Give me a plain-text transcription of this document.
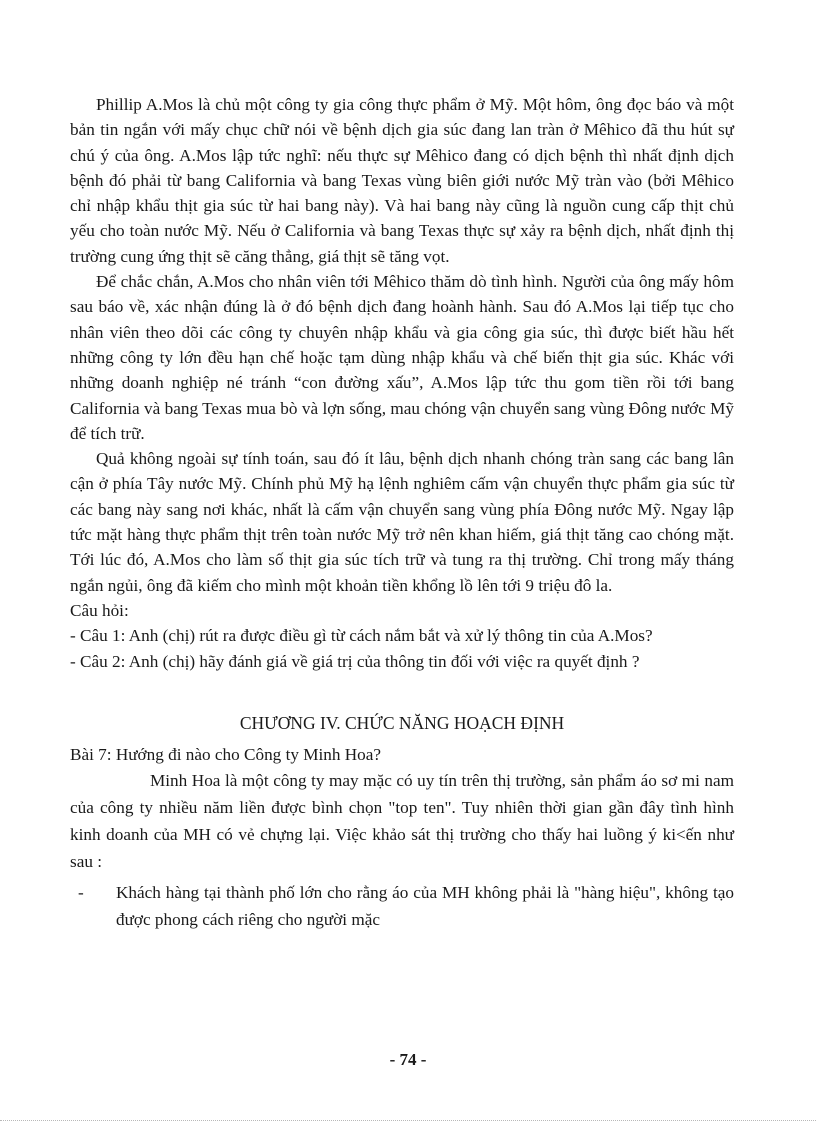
Phillip A.Mos là chủ một công ty gia công thực phẩm ở Mỹ. Một hôm, ông đọc báo và một bản tin ngắn với mấy chục chữ nói về bệnh dịch gia súc đang lan tràn ở Mêhico đã thu hút sự chú ý của ông. A.Mos lập tức nghĩ: nếu thực sự Mêhico đang có dịch bệnh thì nhất định dịch bệnh đó phải từ bang California và bang Texas vùng biên giới nước Mỹ tràn vào (bởi Mêhico chỉ nhập khẩu thịt gia súc từ hai bang này). Và hai bang này cũng là nguồn cung cấp thịt chủ yếu cho toàn nước Mỹ. Nếu ở California và bang Texas thực sự xảy ra bệnh dịch, nhất định thị trường cung ứng thịt sẽ căng thẳng, giá thịt sẽ tăng vọt.

Để chắc chắn, A.Mos cho nhân viên tới Mêhico thăm dò tình hình. Người của ông mấy hôm sau báo về, xác nhận đúng là ở đó bệnh dịch đang hoành hành. Sau đó A.Mos lại tiếp tục cho nhân viên theo dõi các công ty chuyên nhập khẩu và gia công gia súc, thì được biết hầu hết những công ty lớn đều hạn chế hoặc tạm dùng nhập khẩu và chế biến thịt gia súc. Khác với những doanh nghiệp né tránh “con đường xấu”, A.Mos lập tức thu gom tiền rồi tới bang California và bang Texas mua bò và lợn sống, mau chóng vận chuyển sang vùng Đông nước Mỹ để tích trữ.

Quả không ngoài sự tính toán, sau đó ít lâu, bệnh dịch nhanh chóng tràn sang các bang lân cận ở phía Tây nước Mỹ. Chính phủ Mỹ hạ lệnh nghiêm cấm vận chuyển thực phẩm gia súc từ các bang này sang nơi khác, nhất là cấm vận chuyển sang vùng phía Đông nước Mỹ. Ngay lập tức mặt hàng thực phẩm thịt trên toàn nước Mỹ trở nên khan hiếm, giá thịt tăng cao chóng mặt. Tới lúc đó, A.Mos cho làm số thịt gia súc tích trữ và tung ra thị trường. Chỉ trong mấy tháng ngắn ngủi, ông đã kiếm cho mình một khoản tiền khổng lồ lên tới 9 triệu đô la.

Câu hỏi:

- Câu 1: Anh (chị) rút ra được điều gì từ cách nắm bắt và xử lý thông tin của A.Mos?

- Câu 2: Anh (chị) hãy đánh giá về giá trị của thông tin đối với việc ra quyết định ?

CHƯƠNG IV. CHỨC NĂNG HOẠCH ĐỊNH

Bài 7: Hướng đi nào cho Công ty Minh Hoa?

Minh Hoa là một công ty may mặc có uy tín trên thị trường, sản phẩm áo sơ mi nam của công ty nhiều năm liền được bình chọn "top ten". Tuy nhiên thời gian gần đây tình hình kinh doanh của MH có vẻ chựng lại. Việc khảo sát thị trường cho thấy hai luồng ý ki<ến như sau :

-	Khách hàng tại thành phố lớn cho rằng áo của MH không phải là "hàng hiệu", không tạo được phong cách riêng cho người mặc
- 74 -
